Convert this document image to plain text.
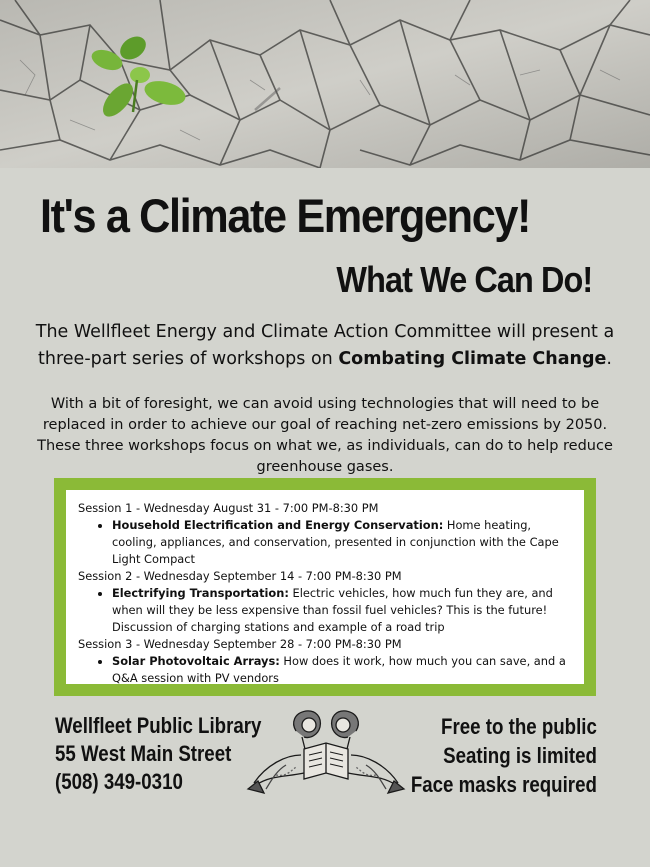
It's a Climate Emergency!
What We Can Do!
The Wellfleet Energy and Climate Action Committee will present a three-part series of workshops on Combating Climate Change.
With a bit of foresight, we can avoid using technologies that will need to be replaced in order to achieve our goal of reaching net-zero emissions by 2050. These three workshops focus on what we, as individuals, can do to help reduce greenhouse gases.
Session 1 - Wednesday August 31 - 7:00 PM-8:30 PM
• Household Electrification and Energy Conservation: Home heating, cooling, appliances, and conservation, presented in conjunction with the Cape Light Compact
Session 2 - Wednesday September 14 - 7:00 PM-8:30 PM
• Electrifying Transportation: Electric vehicles, how much fun they are, and when will they be less expensive than fossil fuel vehicles? This is the future! Discussion of charging stations and example of a road trip
Session 3 - Wednesday September 28 - 7:00 PM-8:30 PM
• Solar Photovoltaic Arrays: How does it work, how much you can save, and a Q&A session with PV vendors
Wellfleet Public Library
55 West Main Street
(508) 349-0310
Free to the public
Seating is limited
Face masks required
